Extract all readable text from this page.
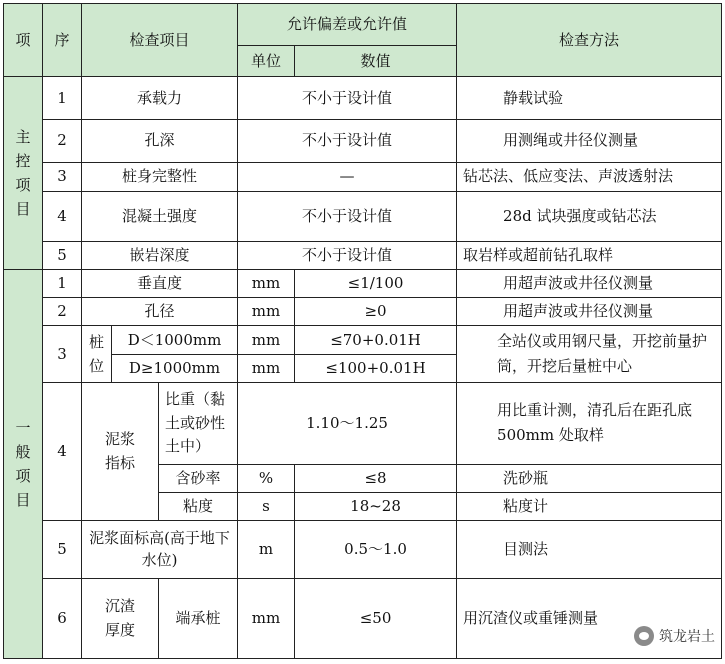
项	序	检查项目			允许偏差或允许值		检查方法
					单位	数值	

主控项目	1	承载力			不小于设计值		静载试验
	2	孔深			不小于设计值		用测绳或井径仪测量
	3	桩身完整性			—		钻芯法、低应变法、声波透射法
	4	混凝土强度			不小于设计值		28d 试块强度或钻芯法
	5	嵌岩深度			不小于设计值		取岩样或超前钻孔取样

一般项目	1	垂直度			mm	≤1/100	用超声波或井径仪测量
	2	孔径			mm	≥0	用超声波或井径仪测量
	3	桩位	D＜1000mm		mm	≤70+0.01H	全站仪或用钢尺量，开挖前量护筒，开挖后量桩中心
			D≥1000mm		mm	≤100+0.01H	
	4	泥浆指标		比重（黏土或砂性土中）	1.10～1.25		用比重计测，清孔后在距孔底 500mm 处取样
				含砂率	%	≤8	洗砂瓶
				粘度	s	18~28	粘度计
	5	泥浆面标高(高于地下水位)			m	0.5～1.0	目测法
	6	沉渣厚度		端承桩	mm	≤50	用沉渣仪或重锤测量
筑龙岩土
